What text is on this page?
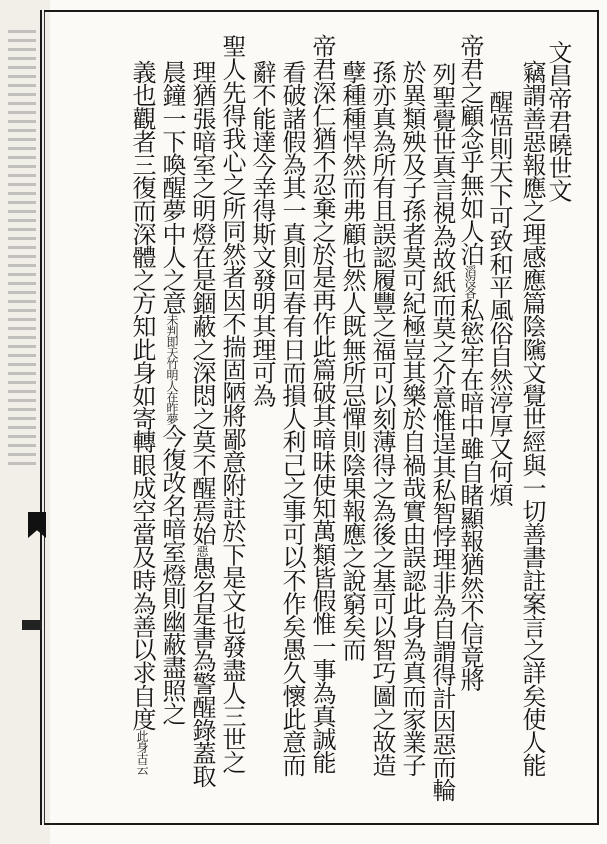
文昌帝君曉世文
竊謂善惡報應之理感應篇陰隲文覺世經與一切善書註案言之詳矣使人能
醒悟則天下可致和平風俗自然渟厚又何煩
帝君之顧念乎無如人泊滔沒各私慾牢在暗中雖自睹顯報猶然不信竟將
列聖覺世真言視為故紙而莫之介意惟逞其私智悖理非為自謂得計因惡而輪
於異類殃及子孫者莫可紀極豈其樂於自禍哉實由誤認此身為真而家業子
孫亦真為所有且誤認履豐之福可以刻薄得之為後之基可以智巧圖之故造
孽種種悍然而弗顧也然人既無所忌憚則陰果報應之說窮矣而
帝君深仁猶不忍棄之於是再作此篇破其暗昧使知萬類皆假惟一事為真誠能
看破諸假為其一真則回春有日而損人利己之事可以不作矣愚久懷此意而
辭不能達今幸得斯文發明其理可為
聖人先得我心之所同然者因不揣固陋將鄙意附註於下是文也發盡人三世之
理猶張暗室之明燈在是錮蔽之深悶之莫不醒焉始惡愚名是書為警醒錄蓋取
晨鐘一下喚醒夢中人之意未判即天竹明人在昨夢今復改名暗室燈則幽蔽盡照之
義也觀者三復而深體之方知此身如寄轉眼成空當及時為善以求自度此身古云
